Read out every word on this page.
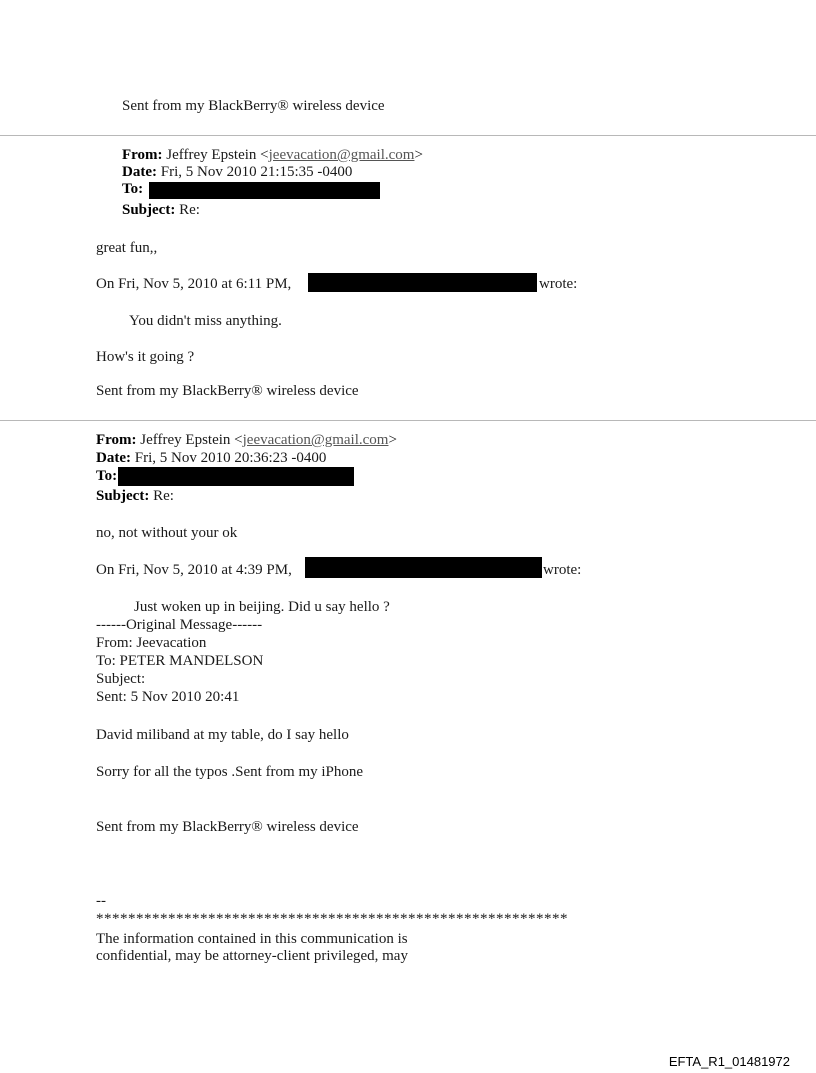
Sent from my BlackBerry® wireless device
From: Jeffrey Epstein <jeevacation@gmail.com>
Date: Fri, 5 Nov 2010 21:15:35 -0400
To:
Subject: Re:
great fun,,
On Fri, Nov 5, 2010 at 6:11 PM,	wrote:
You didn't miss anything.
How's it going ?
Sent from my BlackBerry® wireless device
From: Jeffrey Epstein <jeevacation@gmail.com>
Date: Fri, 5 Nov 2010 20:36:23 -0400
To:
Subject: Re:
no, not without your ok
On Fri, Nov 5, 2010 at 4:39 PM,	wrote:
Just woken up in beijing. Did u say hello ?
------Original Message------
From: Jeevacation
To: PETER MANDELSON
Subject:
Sent: 5 Nov 2010 20:41
David miliband at my table, do I say hello
Sorry for all the typos .Sent from my iPhone
Sent from my BlackBerry® wireless device
--
***********************************************************
The information contained in this communication is
confidential, may be attorney-client privileged, may
EFTA_R1_01481972
